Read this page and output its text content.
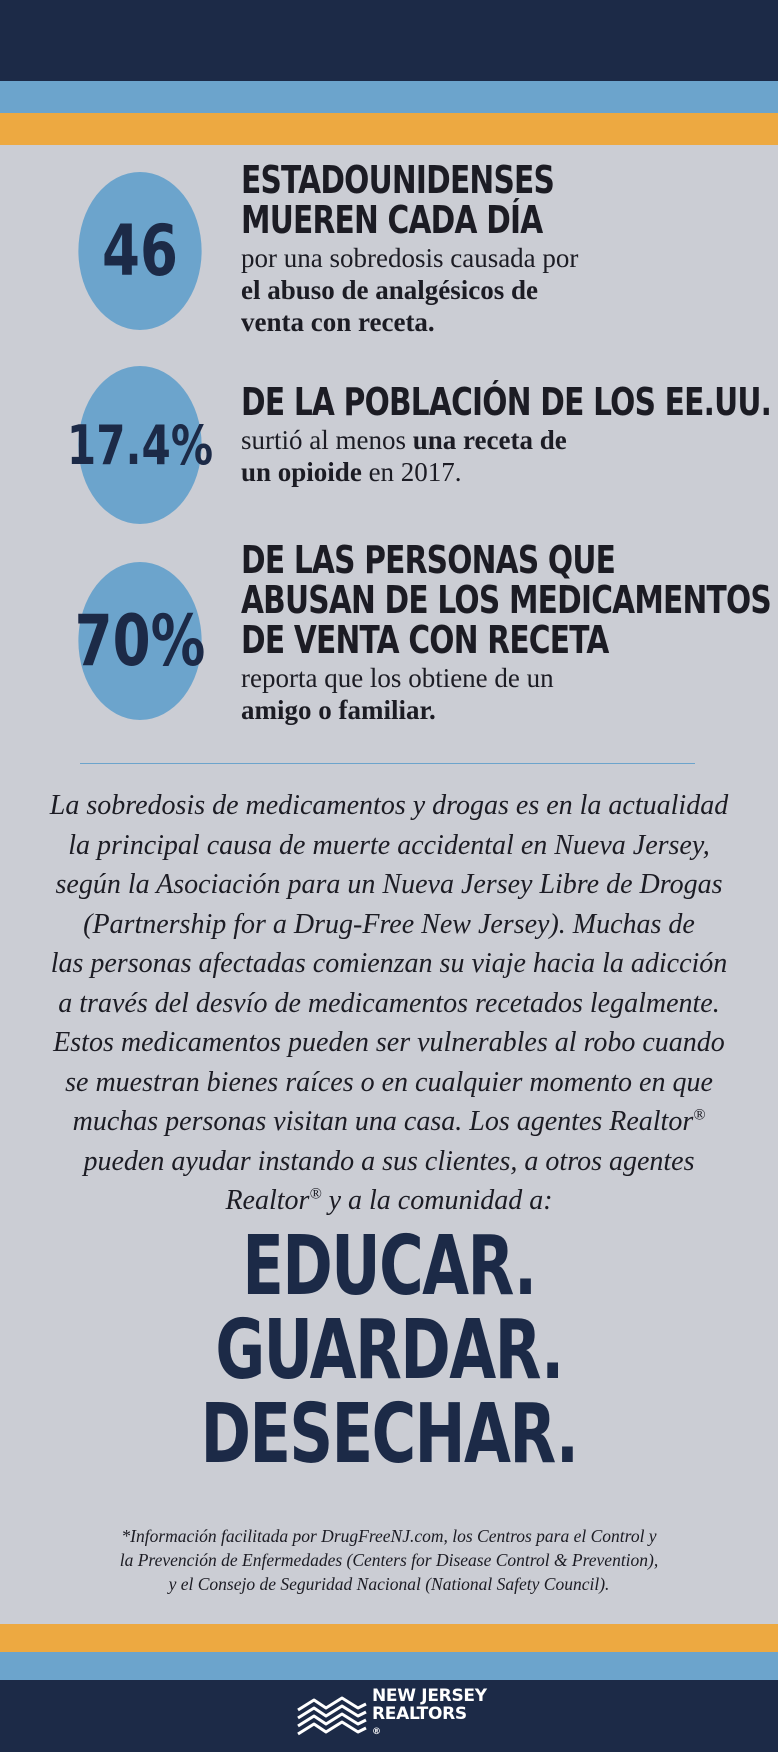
46
ESTADOUNIDENSES
MUEREN CADA DÍA
por una sobredosis causada por
el abuso de analgésicos de
venta con receta.
17.4%
DE LA POBLACIÓN DE LOS EE.UU.
surtió al menos una receta de
un opioide en 2017.
70%
DE LAS PERSONAS QUE
ABUSAN DE LOS MEDICAMENTOS
DE VENTA CON RECETA
reporta que los obtiene de un
amigo o familiar.
La sobredosis de medicamentos y drogas es en la actualidad
la principal causa de muerte accidental en Nueva Jersey,
según la Asociación para un Nueva Jersey Libre de Drogas
(Partnership for a Drug-Free New Jersey). Muchas de
las personas afectadas comienzan su viaje hacia la adicción
a través del desvío de medicamentos recetados legalmente.
Estos medicamentos pueden ser vulnerables al robo cuando
se muestran bienes raíces o en cualquier momento en que
muchas personas visitan una casa. Los agentes Realtor®
pueden ayudar instando a sus clientes, a otros agentes
Realtor® y a la comunidad a:
EDUCAR.
GUARDAR.
DESECHAR.
*Información facilitada por DrugFreeNJ.com, los Centros para el Control y
la Prevención de Enfermedades (Centers for Disease Control & Prevention),
y el Consejo de Seguridad Nacional (National Safety Council).
NEW JERSEY
REALTORS
®
